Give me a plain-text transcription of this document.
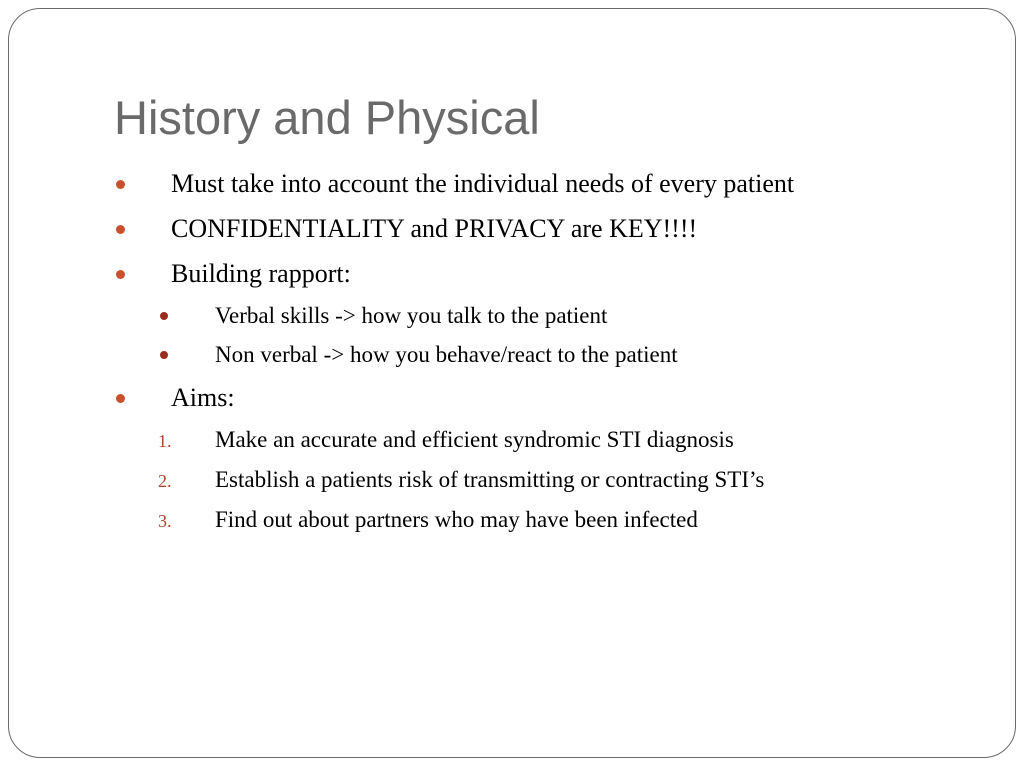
History and Physical
Must take into account the individual needs of every patient
CONFIDENTIALITY and PRIVACY are KEY!!!!
Building rapport:
Verbal skills -> how you talk to the patient
Non verbal -> how you behave/react to the patient
Aims:
1. Make an accurate and efficient syndromic STI diagnosis
2. Establish a patients risk of transmitting or contracting STI’s
3. Find out about partners who may have been infected
